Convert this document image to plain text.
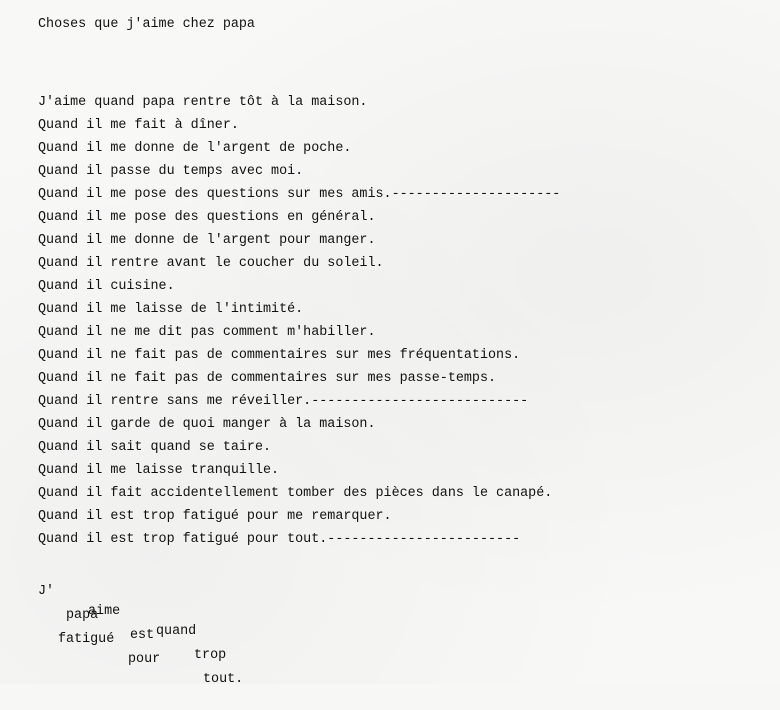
Choses que j'aime chez papa
J'aime quand papa rentre tôt à la maison.
Quand il me fait à dîner.
Quand il me donne de l'argent de poche.
Quand il passe du temps avec moi.
Quand il me pose des questions sur mes amis.---------------------
Quand il me pose des questions en général.
Quand il me donne de l'argent pour manger.
Quand il rentre avant le coucher du soleil.
Quand il cuisine.
Quand il me laisse de l'intimité.
Quand il ne me dit pas comment m'habiller.
Quand il ne fait pas de commentaires sur mes fréquentations.
Quand il ne fait pas de commentaires sur mes passe-temps.
Quand il rentre sans me réveiller.---------------------------
Quand il garde de quoi manger à la maison.
Quand il sait quand se taire.
Quand il me laisse tranquille.
Quand il fait accidentellement tomber des pièces dans le canapé.
Quand il est trop fatigué pour me remarquer.
Quand il est trop fatigué pour tout.------------------------

J'

aime

quand

papa

est

trop

fatigué

pour

tout.
